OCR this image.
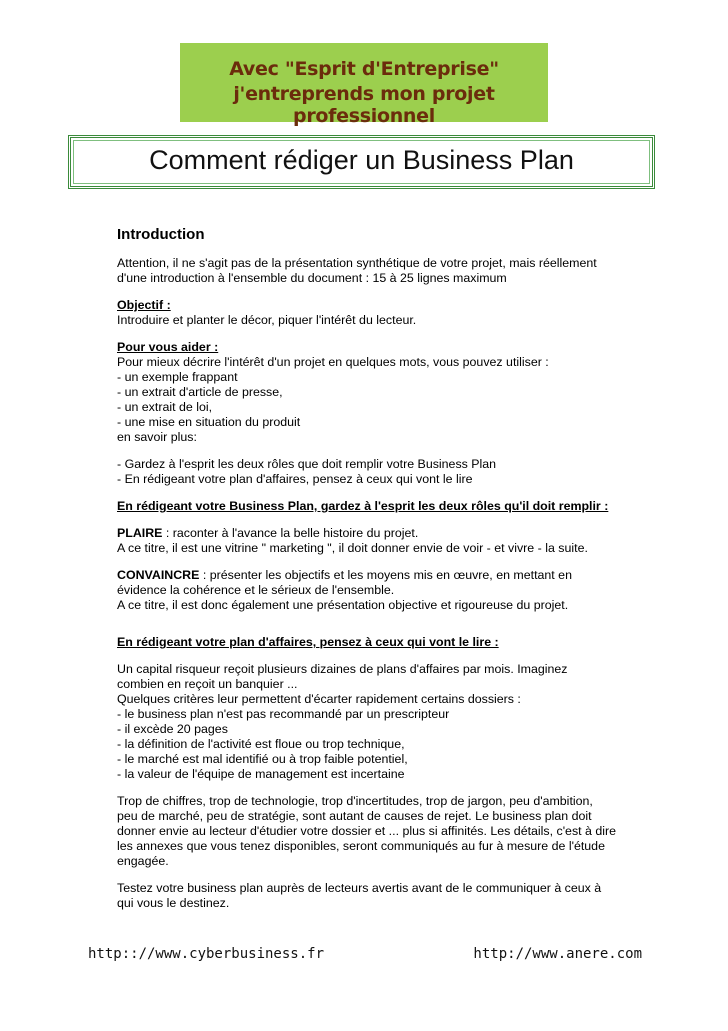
Avec "Esprit d'Entreprise"
j'entreprends mon projet professionnel
Comment rédiger un Business Plan
Introduction
Attention, il ne s'agit pas de la présentation synthétique de votre projet, mais réellement
d'une introduction à l'ensemble du document : 15 à 25 lignes maximum
Objectif :
Introduire et planter le décor, piquer l'intérêt du lecteur.
Pour vous aider :
Pour mieux décrire l'intérêt d'un projet en quelques mots, vous pouvez utiliser :
- un exemple frappant
- un extrait d'article de presse,
- un extrait de loi,
- une mise en situation du produit
en savoir plus:
- Gardez à l'esprit les deux rôles que doit remplir votre Business Plan
- En rédigeant votre plan d'affaires, pensez à ceux qui vont le lire
En rédigeant votre Business Plan, gardez à l'esprit les deux rôles qu'il doit remplir :
PLAIRE : raconter à l'avance la belle histoire du projet.
A ce titre, il est une vitrine " marketing ", il doit donner envie de voir - et vivre - la suite.
CONVAINCRE : présenter les objectifs et les moyens mis en œuvre, en mettant en
évidence la cohérence et le sérieux de l'ensemble.
A ce titre, il est donc également une présentation objective et rigoureuse du projet.
En rédigeant votre plan d'affaires, pensez à ceux qui vont le lire :
Un capital risqueur reçoit plusieurs dizaines de plans d'affaires par mois. Imaginez
combien en reçoit un banquier ...
Quelques critères leur permettent d'écarter rapidement certains dossiers :
- le business plan n'est pas recommandé par un prescripteur
- il excède 20 pages
- la définition de l'activité est floue ou trop technique,
- le marché est mal identifié ou à trop faible potentiel,
- la valeur de l'équipe de management est incertaine
Trop de chiffres, trop de technologie, trop d'incertitudes, trop de jargon, peu d'ambition,
peu de marché, peu de stratégie, sont autant de causes de rejet. Le business plan doit
donner envie au lecteur d'étudier votre dossier et ... plus si affinités. Les détails, c'est à dire
les annexes que vous tenez disponibles, seront communiqués au fur à mesure de l'étude
engagée.
Testez votre business plan auprès de lecteurs avertis avant de le communiquer à ceux à
qui vous le destinez.
http:://www.cyberbusiness.fr	http://www.anere.com
